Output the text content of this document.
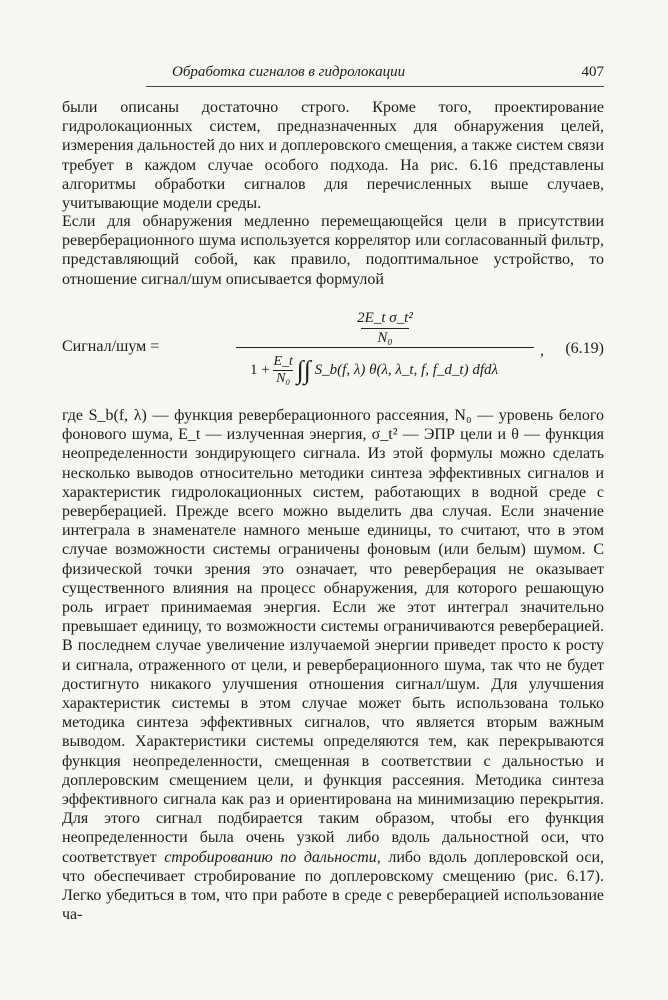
Обработка сигналов в гидролокации	407

были описаны достаточно строго. Кроме того, проектирование гидролокационных систем, предназначенных для обнаружения целей, измерения дальностей до них и доплеровского смещения, а также систем связи требует в каждом случае особого подхода. На рис. 6.16 представлены алгоритмы обработки сигналов для перечисленных выше случаев, учитывающие модели среды.

Если для обнаружения медленно перемещающейся цели в присутствии реверберационного шума используется коррелятор или согласованный фильтр, представляющий собой, как правило, подоптимальное устройство, то отношение сигнал/шум описывается формулой

Сигнал/шум =	$\frac{\text{2E\_t σ\_t²}}{\text{N₀}}$
$1 + \frac{E\_t}{\text{N₀}}$ ∫∫ S_b(f, λ) θ(λ, λ_t, f, f_d_t) dfdλ
, (6.19)

где S_b(f, λ) — функция реверберационного рассеяния, N₀ — уровень белого фонового шума, E_t — излученная энергия, σ_t² — ЭПР цели и θ — функция неопределенности зондирующего сигнала. Из этой формулы можно сделать несколько выводов относительно методики синтеза эффективных сигналов и характеристик гидролокационных систем, работающих в водной среде с реверберацией. Прежде всего можно выделить два случая. Если значение интеграла в знаменателе намного меньше единицы, то считают, что в этом случае возможности системы ограничены фоновым (или белым) шумом. С физической точки зрения это означает, что реверберация не оказывает существенного влияния на процесс обнаружения, для которого решающую роль играет принимаемая энергия. Если же этот интеграл значительно превышает единицу, то возможности системы ограничиваются реверберацией. В последнем случае увеличение излучаемой энергии приведет просто к росту и сигнала, отраженного от цели, и реверберационного шума, так что не будет достигнуто никакого улучшения отношения сигнал/шум. Для улучшения характеристик системы в этом случае может быть использована только методика синтеза эффективных сигналов, что является вторым важным выводом. Характеристики системы определяются тем, как перекрываются функция неопределенности, смещенная в соответствии с дальностью и доплеровским смещением цели, и функция рассеяния. Методика синтеза эффективного сигнала как раз и ориентирована на минимизацию перекрытия. Для этого сигнал подбирается таким образом, чтобы его функция неопределенности была очень узкой либо вдоль дальностной оси, что соответствует стробированию по дальности, либо вдоль доплеровской оси, что обеспечивает стробирование по доплеровскому смещению (рис. 6.17). Легко убедиться в том, что при работе в среде с реверберацией использование ча-
